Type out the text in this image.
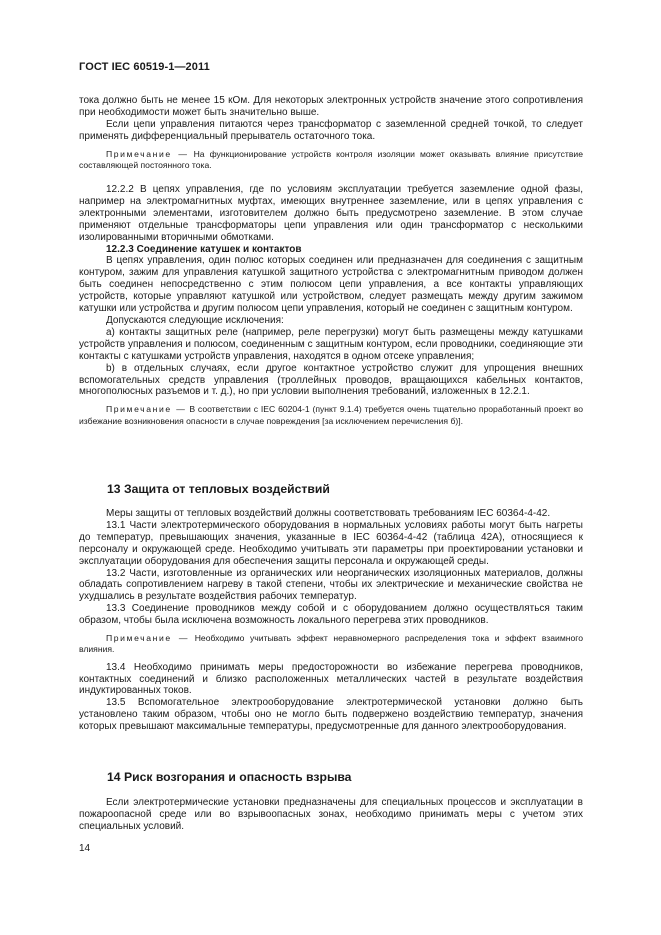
ГОСТ IEC 60519-1—2011

тока должно быть не менее 15 кОм. Для некоторых электронных устройств значение этого сопротивления при необходимости может быть значительно выше.

Если цепи управления питаются через трансформатор с заземленной средней точкой, то следует применять дифференциальный прерыватель остаточного тока.

Примечание — На функционирование устройств контроля изоляции может оказывать влияние присутствие составляющей постоянного тока.

12.2.2 В цепях управления, где по условиям эксплуатации требуется заземление одной фазы, например на электромагнитных муфтах, имеющих внутреннее заземление, или в цепях управления с электронными элементами, изготовителем должно быть предусмотрено заземление. В этом случае применяют отдельные трансформаторы цепи управления или один трансформатор с несколькими изолированными вторичными обмотками.

12.2.3 Соединение катушек и контактов

В цепях управления, один полюс которых соединен или предназначен для соединения с защитным контуром, зажим для управления катушкой защитного устройства с электромагнитным приводом должен быть соединен непосредственно с этим полюсом цепи управления, а все контакты управляющих устройств, которые управляют катушкой или устройством, следует размещать между другим зажимом катушки или устройства и другим полюсом цепи управления, который не соединен с защитным контуром.

Допускаются следующие исключения:

a) контакты защитных реле (например, реле перегрузки) могут быть размещены между катушками устройств управления и полюсом, соединенным с защитным контуром, если проводники, соединяющие эти контакты с катушками устройств управления, находятся в одном отсеке управления;

b) в отдельных случаях, если другое контактное устройство служит для упрощения внешних вспомогательных средств управления (троллейных проводов, вращающихся кабельных контактов, многополюсных разъемов и т. д.), но при условии выполнения требований, изложенных в 12.2.1.

Примечание — В соответствии с IEC 60204-1 (пункт 9.1.4) требуется очень тщательно проработанный проект во избежание возникновения опасности в случае повреждения [за исключением перечисления б)].

13 Защита от тепловых воздействий

Меры защиты от тепловых воздействий должны соответствовать требованиям IEC 60364-4-42.

13.1 Части электротермического оборудования в нормальных условиях работы могут быть нагреты до температур, превышающих значения, указанные в IEC 60364-4-42 (таблица 42А), относящиеся к персоналу и окружающей среде. Необходимо учитывать эти параметры при проектировании установки и эксплуатации оборудования для обеспечения защиты персонала и окружающей среды.

13.2 Части, изготовленные из органических или неорганических изоляционных материалов, должны обладать сопротивлением нагреву в такой степени, чтобы их электрические и механические свойства не ухудшались в результате воздействия рабочих температур.

13.3 Соединение проводников между собой и с оборудованием должно осуществляться таким образом, чтобы была исключена возможность локального перегрева этих проводников.

Примечание — Необходимо учитывать эффект неравномерного распределения тока и эффект взаимного влияния.

13.4 Необходимо принимать меры предосторожности во избежание перегрева проводников, контактных соединений и близко расположенных металлических частей в результате воздействия индуктированных токов.

13.5 Вспомогательное электрооборудование электротермической установки должно быть установлено таким образом, чтобы оно не могло быть подвержено воздействию температур, значения которых превышают максимальные температуры, предусмотренные для данного электрооборудования.

14 Риск возгорания и опасность взрыва

Если электротермические установки предназначены для специальных процессов и эксплуатации в пожароопасной среде или во взрывоопасных зонах, необходимо принимать меры с учетом этих специальных условий.

14
